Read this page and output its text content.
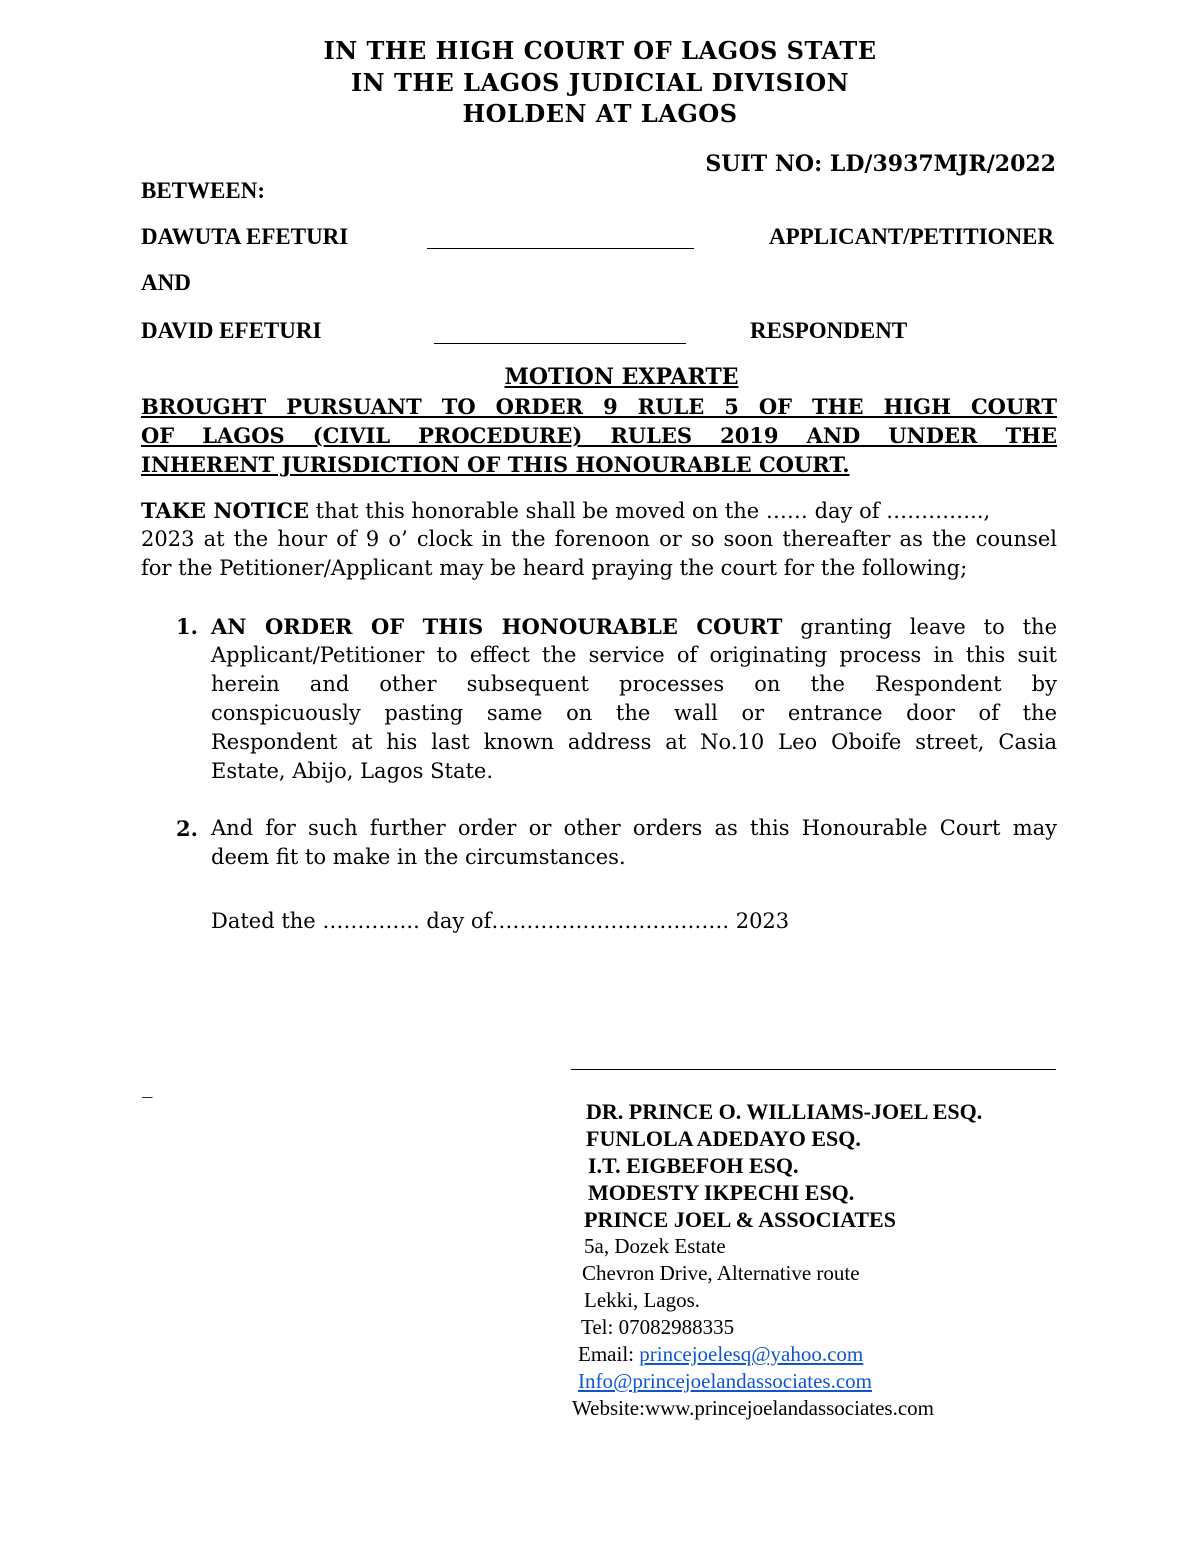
IN THE HIGH COURT OF LAGOS STATE
IN THE LAGOS JUDICIAL DIVISION
HOLDEN AT LAGOS
SUIT NO: LD/3937MJR/2022
BETWEEN:
DAWUTA EFETURI	APPLICANT/PETITIONER
AND
DAVID EFETURI	RESPONDENT
MOTION EXPARTE
BROUGHT PURSUANT TO ORDER 9 RULE 5 OF THE HIGH COURT
OF LAGOS (CIVIL PROCEDURE) RULES 2019 AND UNDER THE
INHERENT JURISDICTION OF THIS HONOURABLE COURT.
TAKE NOTICE that this honorable shall be moved on the …… day of …………..,
2023 at the hour of 9 o’ clock in the forenoon or so soon thereafter as the counsel
for the Petitioner/Applicant may be heard praying the court for the following;
1. AN ORDER OF THIS HONOURABLE COURT granting leave to the
Applicant/Petitioner to effect the service of originating process in this suit
herein and other subsequent processes on the Respondent by
conspicuously pasting same on the wall or entrance door of the
Respondent at his last known address at No.10 Leo Oboife street, Casia
Estate, Abijo, Lagos State.
2. And for such further order or other orders as this Honourable Court may
deem fit to make in the circumstances.
Dated the ………….. day of……………………………. 2023
_
DR. PRINCE O. WILLIAMS-JOEL ESQ.
FUNLOLA ADEDAYO ESQ.
I.T. EIGBEFOH ESQ.
MODESTY IKPECHI ESQ.
PRINCE JOEL & ASSOCIATES
5a, Dozek Estate
Chevron Drive, Alternative route
Lekki, Lagos.
Tel: 07082988335
Email: princejoelesq@yahoo.com
Info@princejoelandassociates.com
Website:www.princejoelandassociates.com
